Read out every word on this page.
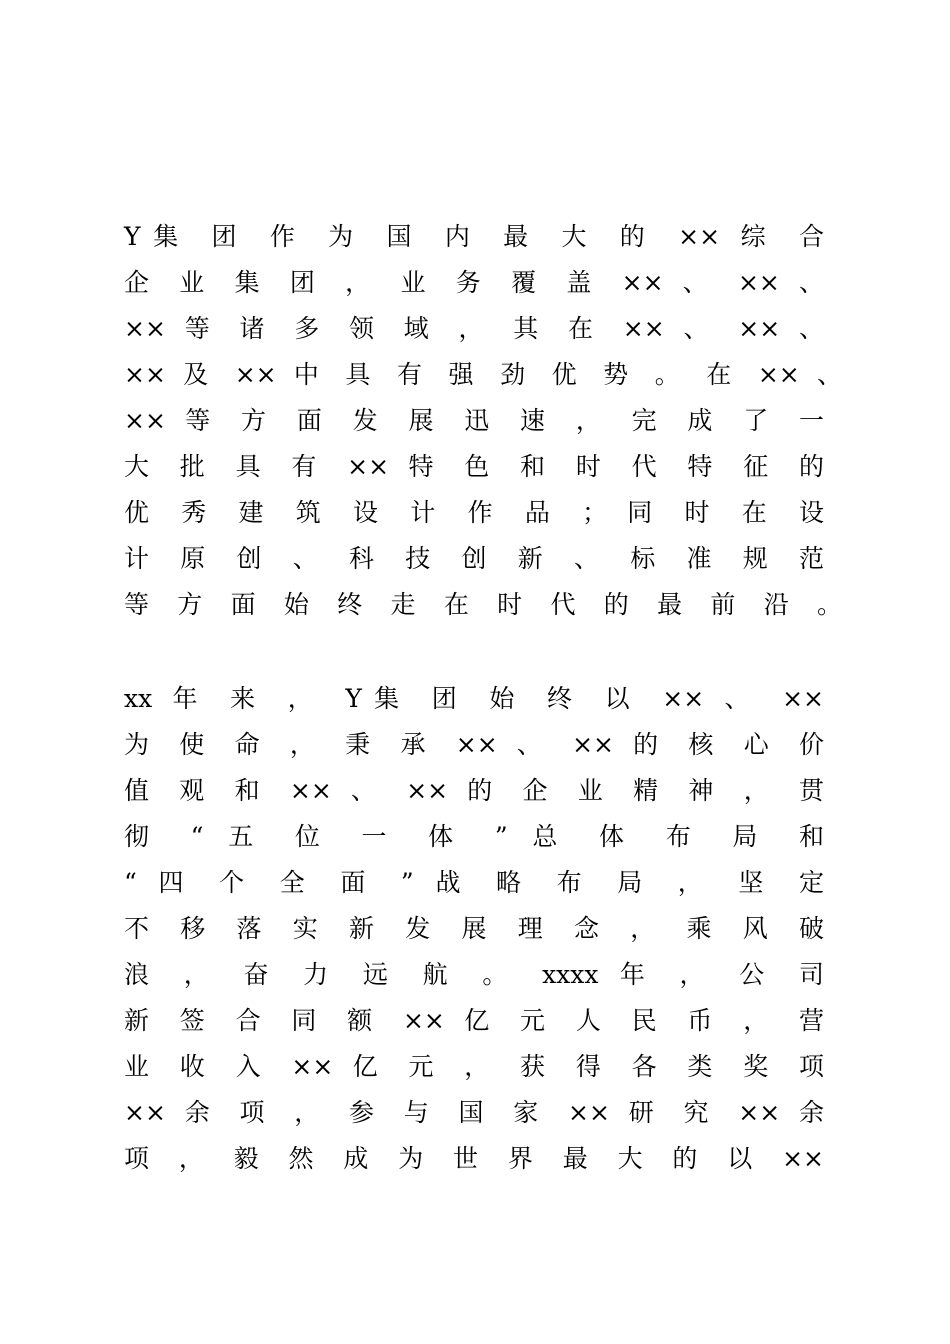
Y集 团 作 为 国 内 最 大 的 ×× 综 合
企 业 集 团 ， 业 务 覆 盖 ×× 、 ×× 、
×× 等 诸 多 领 域 ， 其 在 ×× 、 ×× 、
×× 及 ×× 中 具 有 强 劲 优 势 。 在 ×× 、
×× 等 方 面 发 展 迅 速 ， 完 成 了 一
大 批 具 有 ×× 特 色 和 时 代 特 征 的
优 秀 建 筑 设 计 作 品 ； 同 时 在 设
计 原 创 、 科 技 创 新 、 标 准 规 范
等 方 面 始 终 走 在 时 代 的 最 前 沿 。
xx 年 来 ， Y集 团 始 终 以 ×× 、 ××
为 使 命 ， 秉 承 ×× 、 ×× 的 核 心 价
值 观 和 ×× 、 ×× 的 企 业 精 神 ， 贯
彻 “ 五 位 一 体 ” 总 体 布 局 和
“ 四 个 全 面 ” 战 略 布 局 ， 坚 定
不 移 落 实 新 发 展 理 念 ， 乘 风 破
浪 ， 奋 力 远 航 。 xxxx 年 ， 公 司
新 签 合 同 额 ×× 亿 元 人 民 币 ， 营
业 收 入 ×× 亿 元 ， 获 得 各 类 奖 项
×× 余 项 ， 参 与 国 家 ×× 研 究 ×× 余
项 ， 毅 然 成 为 世 界 最 大 的 以 ××
